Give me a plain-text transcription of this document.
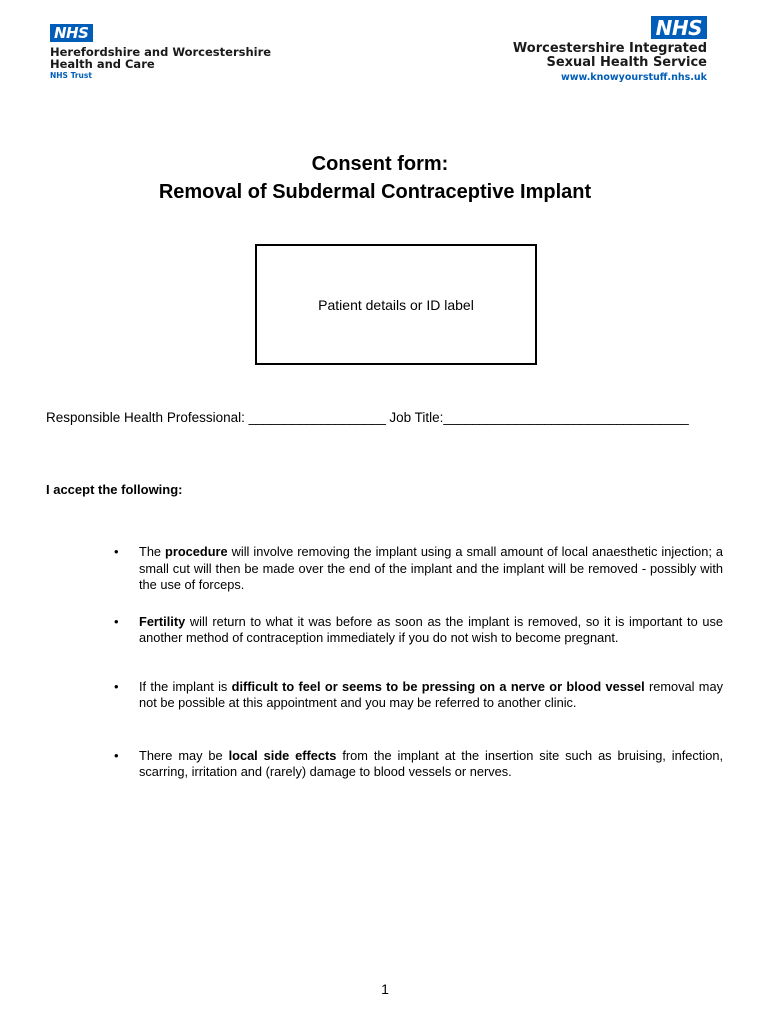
NHS
Herefordshire and Worcestershire
Health and Care
NHS Trust
NHS
Worcestershire Integrated
Sexual Health Service
www.knowyourstuff.nhs.uk
Consent form:
Removal of Subdermal Contraceptive Implant
Patient details or ID label
Responsible Health Professional: ___________________ Job Title:__________________________________
I accept the following:
• The procedure will involve removing the implant using a small amount of local anaesthetic injection; a small cut will then be made over the end of the implant and the implant will be removed - possibly with the use of forceps.
• Fertility will return to what it was before as soon as the implant is removed, so it is important to use another method of contraception immediately if you do not wish to become pregnant.
• If the implant is difficult to feel or seems to be pressing on a nerve or blood vessel removal may not be possible at this appointment and you may be referred to another clinic.
• There may be local side effects from the implant at the insertion site such as bruising, infection, scarring, irritation and (rarely) damage to blood vessels or nerves.
1
